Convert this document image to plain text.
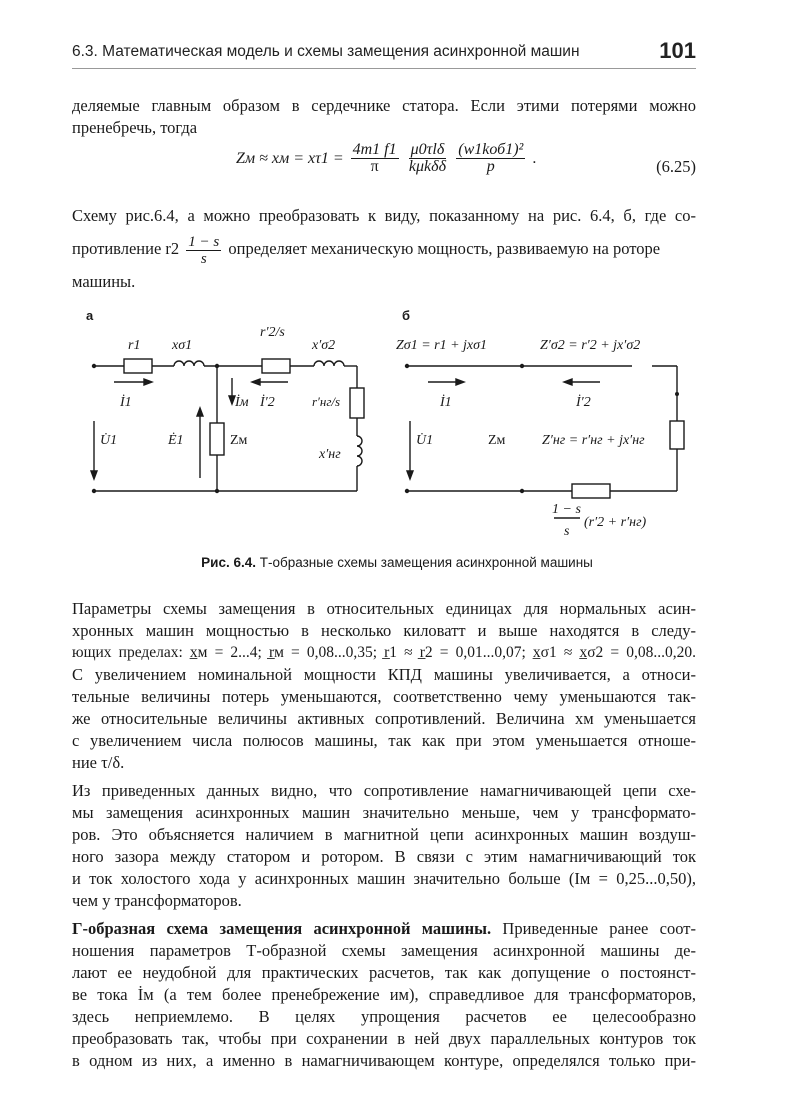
6.3. Математическая модель и схемы замещения асинхронной машин	101
деляемые главным образом в сердечнике статора. Если этими потерями можно
пренебречь, тогда
Zм ≈ xм = $x\tau 1 = \frac{4m1 f1}{\pi}$
$\frac{\text{μ0τlδ}}{\text{kμkδδ}}$
$\frac{\text{(w1kоб1)²}}{p}$ .	(6.25)
Схему рис.6.4, а можно преобразовать к виду, показанному на рис. 6.4, б, где со-
противление $r2 \frac{1 - s}{s}$ определяет механическую мощность, развиваемую на роторе
машины.
а	б
r1 xσ1
r′2/s
x′σ2
İ1	İм İ′2	r′нг/s
x′нг
U̇1	Ė1	Zм
Zσ1 = r1 + jxσ1	Z′σ2 = r′2 + jx′σ2
İ1	İ′2
U̇1	Zм	Z′нг = r′нг + jx′нг
1 − s
s
(r′2 + r′нг)
Рис. 6.4. Т-образные схемы замещения асинхронной машины
Параметры схемы замещения в относительных единицах для нормальных асин-
хронных машин мощностью в несколько киловатт и выше находятся в следу-
ющих пределах: x̲м = 2...4; r̲м = 0,08...0,35; r̲1 ≈ r̲2 = 0,01...0,07; x̲σ1 ≈ x̲σ2 = 0,08...0,20.
С увеличением номинальной мощности КПД машины увеличивается, а относи-
тельные величины потерь уменьшаются, соответственно чему уменьшаются так-
же относительные величины активных сопротивлений. Величина xм уменьшается
с увеличением числа полюсов машины, так как при этом уменьшается отноше-
ние τ/δ.
Из приведенных данных видно, что сопротивление намагничивающей цепи схе-
мы замещения асинхронных машин значительно меньше, чем у трансформато-
ров. Это объясняется наличием в магнитной цепи асинхронных машин воздуш-
ного зазора между статором и ротором. В связи с этим намагничивающий ток
и ток холостого хода у асинхронных машин значительно больше (Iм = 0,25...0,50),
чем у трансформаторов.
Г-образная схема замещения асинхронной машины. Приведенные ранее соот-
ношения параметров Т-образной схемы замещения асинхронной машины де-
лают ее неудобной для практических расчетов, так как допущение о постоянст-
ве тока İм (а тем более пренебрежение им), справедливое для трансформаторов,
здесь неприемлемо. В целях упрощения расчетов ее целесообразно
преобразовать так, чтобы при сохранении в ней двух параллельных контуров ток
в одном из них, а именно в намагничивающем контуре, определялся только при-
